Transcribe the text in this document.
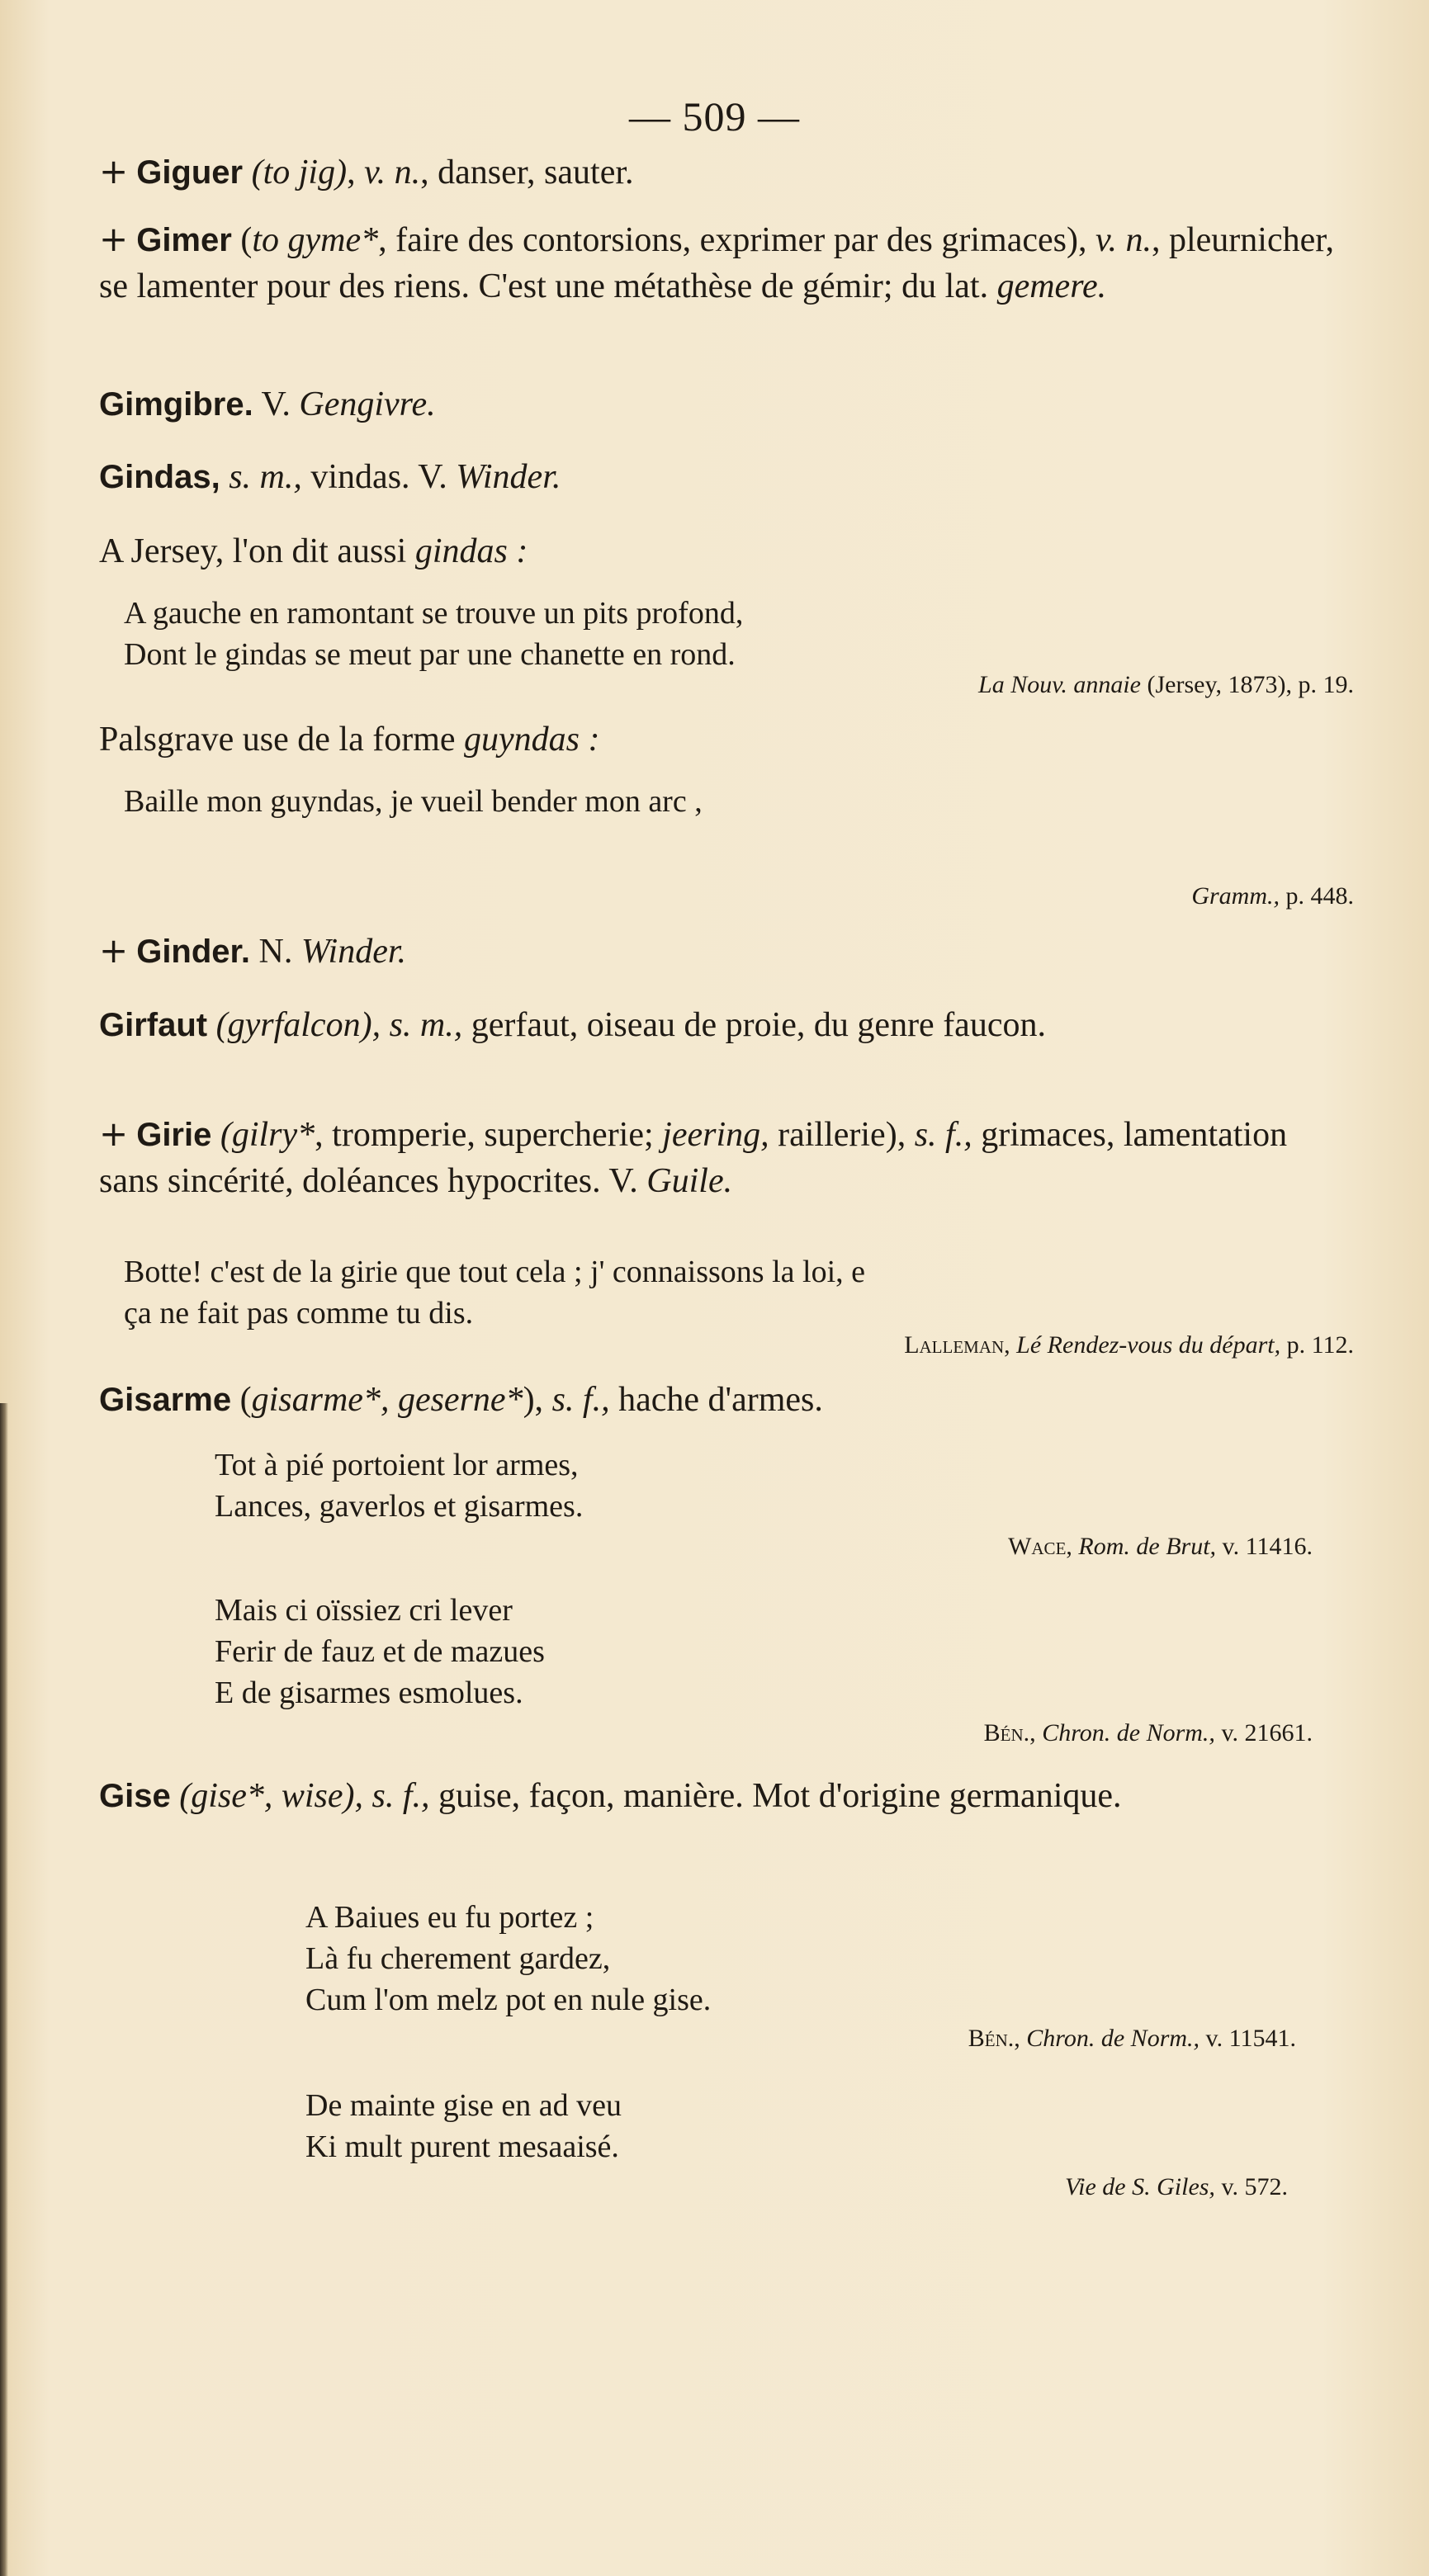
— 509 —

+ Giguer (to jig), v. n., danser, sauter.

+ Gimer (to gyme*, faire des contorsions, exprimer par des grimaces), v. n., pleurnicher, se lamenter pour des riens. C'est une métathèse de gémir; du lat. gemere.

Gimgibre. V. Gengivre.

Gindas, s. m., vindas. V. Winder.

A Jersey, l'on dit aussi gindas :

A gauche en ramontant se trouve un pits profond,
Dont le gindas se meut par une chanette en rond.

La Nouv. annaie (Jersey, 1873), p. 19.

Palsgrave use de la forme guyndas :

Baille mon guyndas, je vueil bender mon arc ,

Gramm., p. 448.

+ Ginder. N. Winder.

Girfaut (gyrfalcon), s. m., gerfaut, oiseau de proie, du genre faucon.

+ Girie (gilry*, tromperie, supercherie; jeering, raillerie), s. f., grimaces, lamentation sans sincérité, doléances hypocrites. V. Guile.

Botte! c'est de la girie que tout cela ; j' connaissons la loi, e
ça ne fait pas comme tu dis.

Lalleman, Lé Rendez-vous du départ, p. 112.

Gisarme (gisarme*, geserne*), s. f., hache d'armes.

Tot à pié portoient lor armes,
Lances, gaverlos et gisarmes.

Wace, Rom. de Brut, v. 11416.

Mais ci oïssiez cri lever
Ferir de fauz et de mazues
E de gisarmes esmolues.

Bén., Chron. de Norm., v. 21661.

Gise (gise*, wise), s. f., guise, façon, manière. Mot d'origine germanique.

A Baiues eu fu portez ;
Là fu cherement gardez,
Cum l'om melz pot en nule gise.

Bén., Chron. de Norm., v. 11541.

De mainte gise en ad veu
Ki mult purent mesaaisé.

Vie de S. Giles, v. 572.
